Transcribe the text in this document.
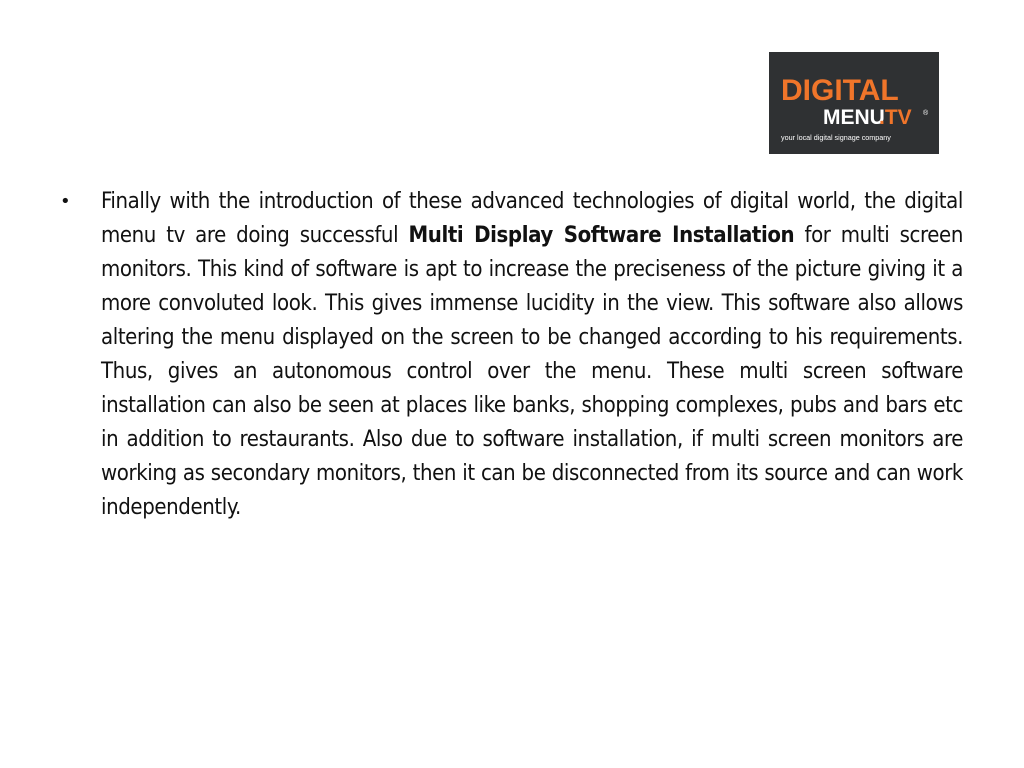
DIGITAL
MENU
.TV ®
your local digital signage company
• Finally with the introduction of these advanced technologies of digital world, the digital menu tv are doing successful Multi Display Software Installation for multi screen monitors. This kind of software is apt to increase the preciseness of the picture giving it a more convoluted look. This gives immense lucidity in the view. This software also allows altering the menu displayed on the screen to be changed according to his requirements. Thus, gives an autonomous control over the menu. These multi screen software installation can also be seen at places like banks, shopping complexes, pubs and bars etc in addition to restaurants. Also due to software installation, if multi screen monitors are working as secondary monitors, then it can be disconnected from its source and can work independently.
